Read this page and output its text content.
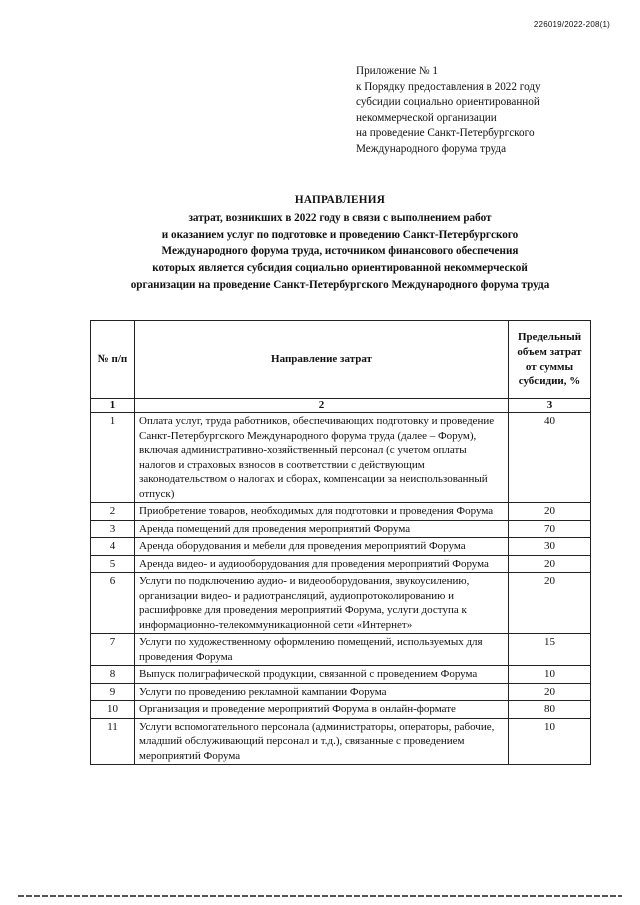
226019/2022-208(1)
Приложение № 1
к Порядку предоставления в 2022 году
субсидии социально ориентированной
некоммерческой организации
на проведение Санкт-Петербургского
Международного форума труда
НАПРАВЛЕНИЯ
затрат, возникших в 2022 году в связи с выполнением работ
и оказанием услуг по подготовке и проведению Санкт-Петербургского
Международного форума труда, источником финансового обеспечения
которых является субсидия социально ориентированной некоммерческой
организации на проведение Санкт-Петербургского Международного форума труда
№ п/п	Направление затрат	Предельный объем затрат от суммы субсидии, %
1	2	3
1	Оплата услуг, труда работников, обеспечивающих подготовку и проведение Санкт-Петербургского Международного форума труда (далее – Форум), включая административно-хозяйственный персонал (с учетом оплаты налогов и страховых взносов в соответствии с действующим законодательством о налогах и сборах, компенсации за неиспользованный отпуск)	40
2	Приобретение товаров, необходимых для подготовки и проведения Форума	20
3	Аренда помещений для проведения мероприятий Форума	70
4	Аренда оборудования и мебели для проведения мероприятий Форума	30
5	Аренда видео- и аудиооборудования для проведения мероприятий Форума	20
6	Услуги по подключению аудио- и видеооборудования, звукоусилению, организации видео- и радиотрансляций, аудиопротоколированию и расшифровке для проведения мероприятий Форума, услуги доступа к информационно-телекоммуникационной сети «Интернет»	20
7	Услуги по художественному оформлению помещений, используемых для проведения Форума	15
8	Выпуск полиграфической продукции, связанной с проведением Форума	10
9	Услуги по проведению рекламной кампании Форума	20
10	Организация и проведение мероприятий Форума в онлайн-формате	80
11	Услуги вспомогательного персонала (администраторы, операторы, рабочие, младший обслуживающий персонал и т.д.), связанные с проведением мероприятий Форума	10
